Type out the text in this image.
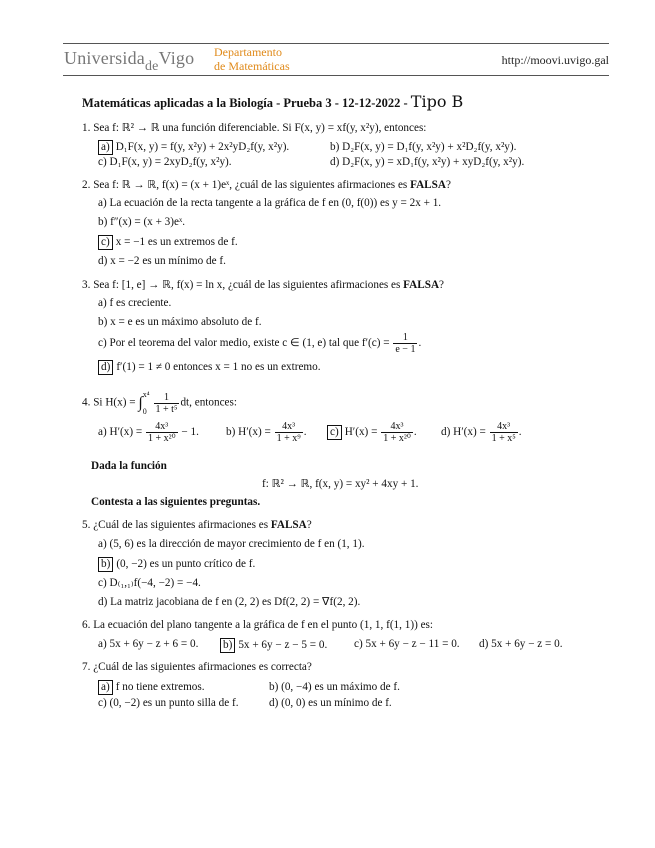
Universida$_{de}$Vigo Departamento
de Matemáticas	http://moovi.uvigo.gal
Matemáticas aplicadas a la Biología - Prueba 3 - 12-12-2022 - Tipo B
1. Sea f: ℝ² → ℝ una función diferenciable. Si F(x, y) = xf(y, x²y), entonces:
a) D₁F(x, y) = f(y, x²y) + 2x²yD₂f(y, x²y).	b) D₂F(x, y) = D₁f(y, x²y) + x²D₂f(y, x²y).
c) D₁F(x, y) = 2xyD₂f(y, x²y).	d) D₂F(x, y) = xD₁f(y, x²y) + xyD₂f(y, x²y).
2. Sea f: ℝ → ℝ, f(x) = (x + 1)eˣ, ¿cuál de las siguientes afirmaciones es FALSA?
a) La ecuación de la recta tangente a la gráfica de f en (0, f(0)) es y = 2x + 1.
b) f″(x) = (x + 3)eˣ.
c) x = −1 es un extremos de f.
d) x = −2 es un mínimo de f.
3. Sea f: [1, e] → ℝ, f(x) = ln x, ¿cuál de las siguientes afirmaciones es FALSA?
a) f es creciente.
b) x = e es un máximo absoluto de f.
c) Por el teorema del valor medio, existe c ∈ (1, e) tal que $f'(c) = \frac{1}{e - 1}$ .
d) f′(1) = 1 ≠ 0 entonces x = 1 no es un extremo.
4. Si H(x) = ∫ x⁴
$0 \frac{1}{\text{1 + t⁵}}$ dt, entonces:
a) $H'(x) = \frac{\text{4x³}}{\text{1 + x²⁰}} - 1$. b) $H'(x) = \frac{\text{4x³}}{\text{1 + x⁹}}$ . c) $H'(x) = \frac{\text{4x³}}{\text{1 + x²⁰}}$ . d) $H'(x) = \frac{\text{4x³}}{\text{1 + x⁵}}$ .
Dada la función
f: ℝ² → ℝ, f(x, y) = xy² + 4xy + 1.
Contesta a las siguientes preguntas.
5. ¿Cuál de las siguientes afirmaciones es FALSA?
a) (5, 6) es la dirección de mayor crecimiento de f en (1, 1).
b) (0, −2) es un punto crítico de f.
c) D₍₁,₁₎f(−4, −2) = −4.
d) La matriz jacobiana de f en (2, 2) es Df(2, 2) = ∇f(2, 2).
6. La ecuación del plano tangente a la gráfica de f en el punto (1, 1, f(1, 1)) es:
a) 5x + 6y − z + 6 = 0. b) 5x + 6y − z − 5 = 0. c) 5x + 6y − z − 11 = 0. d) 5x + 6y − z = 0.
7. ¿Cuál de las siguientes afirmaciones es correcta?
a) f no tiene extremos.	b) (0, −4) es un máximo de f.
c) (0, −2) es un punto silla de f.	d) (0, 0) es un mínimo de f.
